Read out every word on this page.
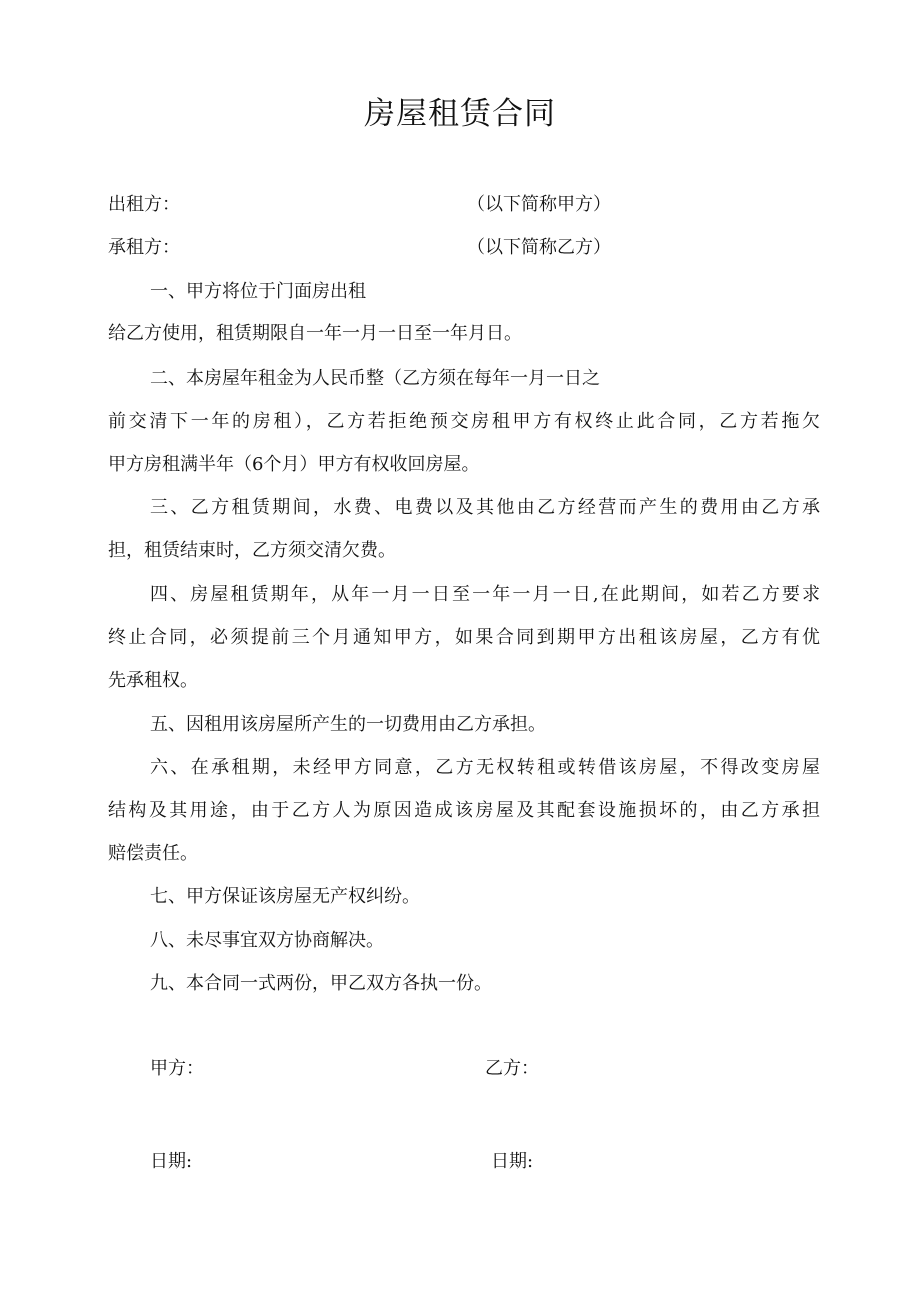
房屋租赁合同
出租方：	（以下简称甲方）
承租方：	（以下简称乙方）
一、甲方将位于门面房出租
给乙方使用，租赁期限自一年一月一日至一年月日。
二、本房屋年租金为人民币整（乙方须在每年一月一日之
前交清下一年的房租），乙方若拒绝预交房租甲方有权终止此合同，乙方若拖欠
甲方房租满半年（6个月）甲方有权收回房屋。
三、乙方租赁期间，水费、电费以及其他由乙方经营而产生的费用由乙方承
担，租赁结束时，乙方须交清欠费。
四、房屋租赁期年，从年一月一日至一年一月一日,在此期间，如若乙方要求
终止合同，必须提前三个月通知甲方，如果合同到期甲方出租该房屋，乙方有优
先承租权。
五、因租用该房屋所产生的一切费用由乙方承担。
六、在承租期，未经甲方同意，乙方无权转租或转借该房屋，不得改变房屋
结构及其用途，由于乙方人为原因造成该房屋及其配套设施损坏的，由乙方承担
赔偿责任。
七、甲方保证该房屋无产权纠纷。
八、未尽事宜双方协商解决。
九、本合同一式两份，甲乙双方各执一份。
甲方：	乙方：
日期:	日期:
